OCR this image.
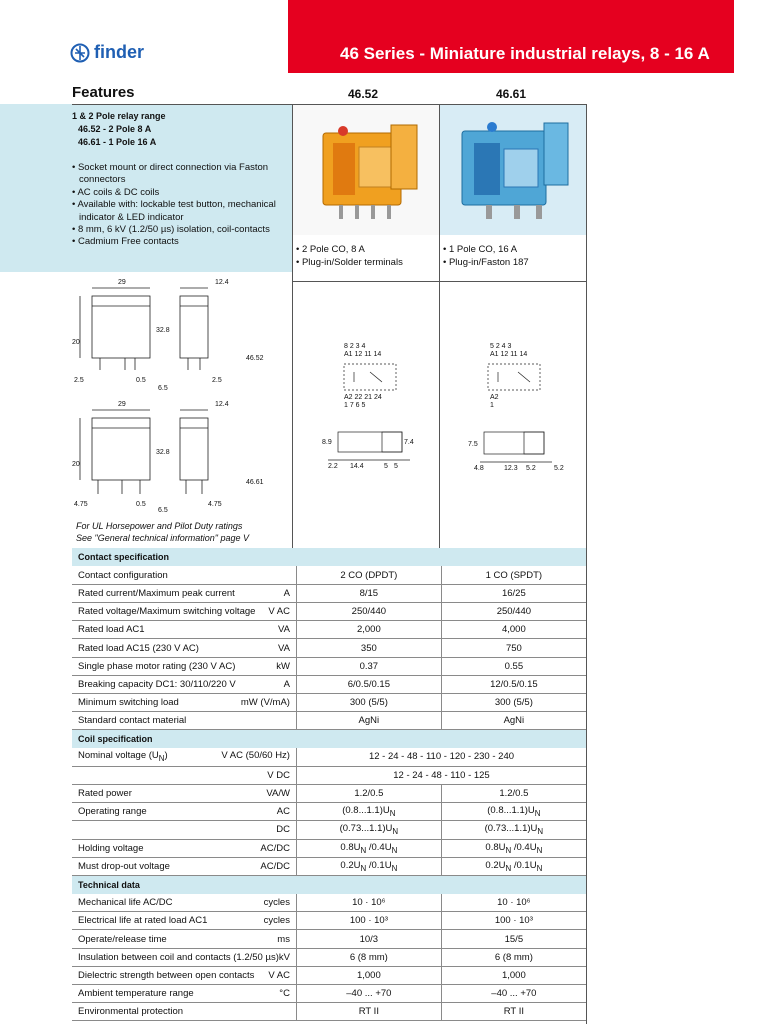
46 Series - Miniature industrial relays, 8 - 16 A
finder
Features	46.52	46.61
1 & 2 Pole relay range
46.52 - 2 Pole 8 A
46.61 - 1 Pole 16 A
• Socket mount or direct connection via Faston connectors
• AC coils & DC coils
• Available with: lockable test button, mechanical indicator & LED indicator
• 8 mm, 6 kV (1.2/50 µs) isolation, coil-contacts
• Cadmium Free contacts
• 2 Pole CO, 8 A
• Plug-in/Solder terminals
• 1 Pole CO, 16 A
• Plug-in/Faston 187
29	12.4
20
32.8
2.5	0.5
6.5
2.5
46.52
29	12.4
20
32.8
4.75	0.5
6.5
4.75
46.61
8 2 3 4
A1 12 11 14
A2 22 21 24
1 7 6 5
8.9	7.4
2.2 14.4	5 5
5 2 4 3
A1 12 11 14
A2
1
7.5
4.8	12.3 5.2	5.2
For UL Horsepower and Pilot Duty ratings
See "General technical information" page V
Contact specification		

Contact configuration	2 CO (DPDT)	1 CO (SPDT)

Rated current/Maximum peak current A	8/15	16/25

Rated voltage/Maximum switching voltage V AC	250/440	250/440

Rated load AC1 VA	2,000	4,000

Rated load AC15 (230 V AC) VA	350	750

Single phase motor rating (230 V AC) kW	0.37	0.55

Breaking capacity DC1: 30/110/220 V A	6/0.5/0.15	12/0.5/0.15

Minimum switching load mW (V/mA)	300 (5/5)	300 (5/5)

Standard contact material	AgNi	AgNi
Coil specification		

Nominal voltage $(U_N)$ V AC (50/60 Hz)	12 - 24 - 48 - 110 - 120 - 230 - 240	
V DC	12 - 24 - 48 - 110 - 125	

Rated power VA/W	1.2/0.5	1.2/0.5

Operating range AC	$(0.8...1.1)U_N$	$(0.8...1.1)U_N$
DC	$(0.73...1.1)U_N$	$(0.73...1.1)U_N$

Holding voltage AC/DC	$0.8U_N$ $/0.4U_N$	$0.8U_N$ $/0.4U_N$

Must drop-out voltage AC/DC	$0.2U_N$ $/0.1U_N$	$0.2U_N$ $/0.1U_N$
Technical data		

Mechanical life AC/DC cycles	10 · 10⁶	10 · 10⁶

Electrical life at rated load AC1 cycles	100 · 10³	100 · 10³

Operate/release time ms	10/3	15/5

Insulation between coil and contacts (1.2/50 µs) kV	6 (8 mm)	6 (8 mm)

Dielectric strength between open contacts V AC	1,000	1,000

Ambient temperature range °C	–40 ... +70	–40 ... +70

Environmental protection	RT II	RT II
